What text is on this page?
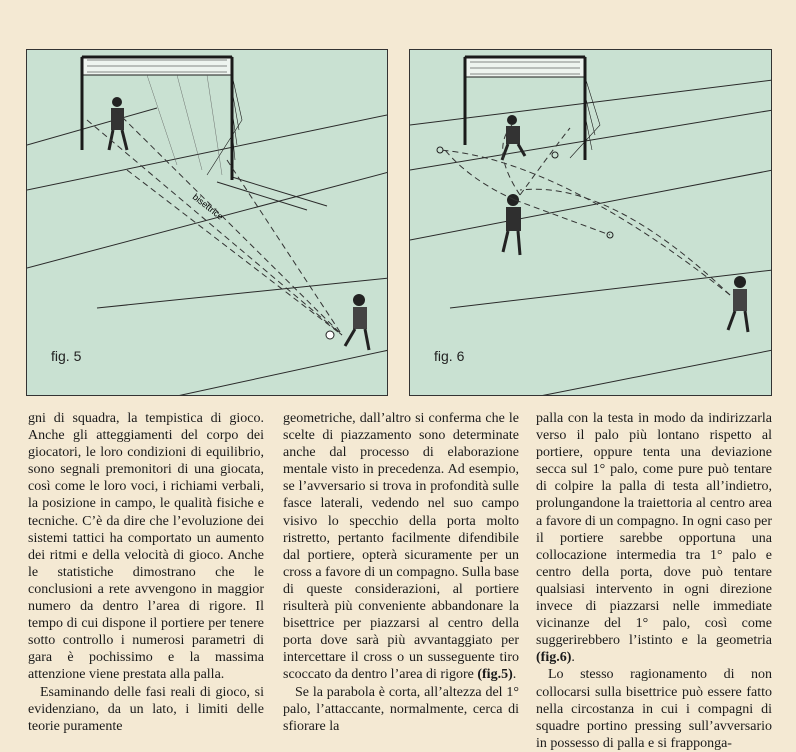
bisettrice
fig. 5	fig. 6

gni di squadra, la tempistica di gioco. Anche gli atteggiamenti del corpo dei giocatori, le loro condizioni di equilibrio, sono segnali premonitori di una giocata, così come le loro voci, i richiami verbali, la posizione in campo, le qualità fisiche e tecniche. C’è da dire che l’evoluzione dei sistemi tattici ha comportato un aumento dei ritmi e della velocità di gioco. Anche le statistiche dimostrano che le conclusioni a rete avvengono in maggior numero da dentro l’area di rigore. Il tempo di cui dispone il portiere per tenere sotto controllo i numerosi parametri di gara è pochissimo e la massima attenzione viene prestata alla palla.

Esaminando delle fasi reali di gioco, si evidenziano, da un lato, i limiti delle teorie puramente

geometriche, dall’altro si conferma che le scelte di piazzamento sono determinate anche dal processo di elaborazione mentale visto in precedenza. Ad esempio, se l’avversario si trova in profondità sulle fasce laterali, vedendo nel suo campo visivo lo specchio della porta molto ristretto, pertanto facilmente difendibile dal portiere, opterà sicuramente per un cross a favore di un compagno. Sulla base di queste considerazioni, al portiere risulterà più conveniente abbandonare la bisettrice per piazzarsi al centro della porta dove sarà più avvantaggiato per intercettare il cross o un susseguente tiro scoccato da dentro l’area di rigore (fig.5).

Se la parabola è corta, all’altezza del 1° palo, l’attaccante, normalmente, cerca di sfiorare la

palla con la testa in modo da indirizzarla verso il palo più lontano rispetto al portiere, oppure tenta una deviazione secca sul 1° palo, come pure può tentare di colpire la palla di testa all’indietro, prolungandone la traiettoria al centro area a favore di un compagno. In ogni caso per il portiere sarebbe opportuna una collocazione intermedia tra 1° palo e centro della porta, dove può tentare qualsiasi intervento in ogni direzione invece di piazzarsi nelle immediate vicinanze del 1° palo, così come suggerirebbero l’istinto e la geometria (fig.6).

Lo stesso ragionamento di non collocarsi sulla bisettrice può essere fatto nella circostanza in cui i compagni di squadre portino pressing sull’avversario in possesso di palla e si frappongа-
